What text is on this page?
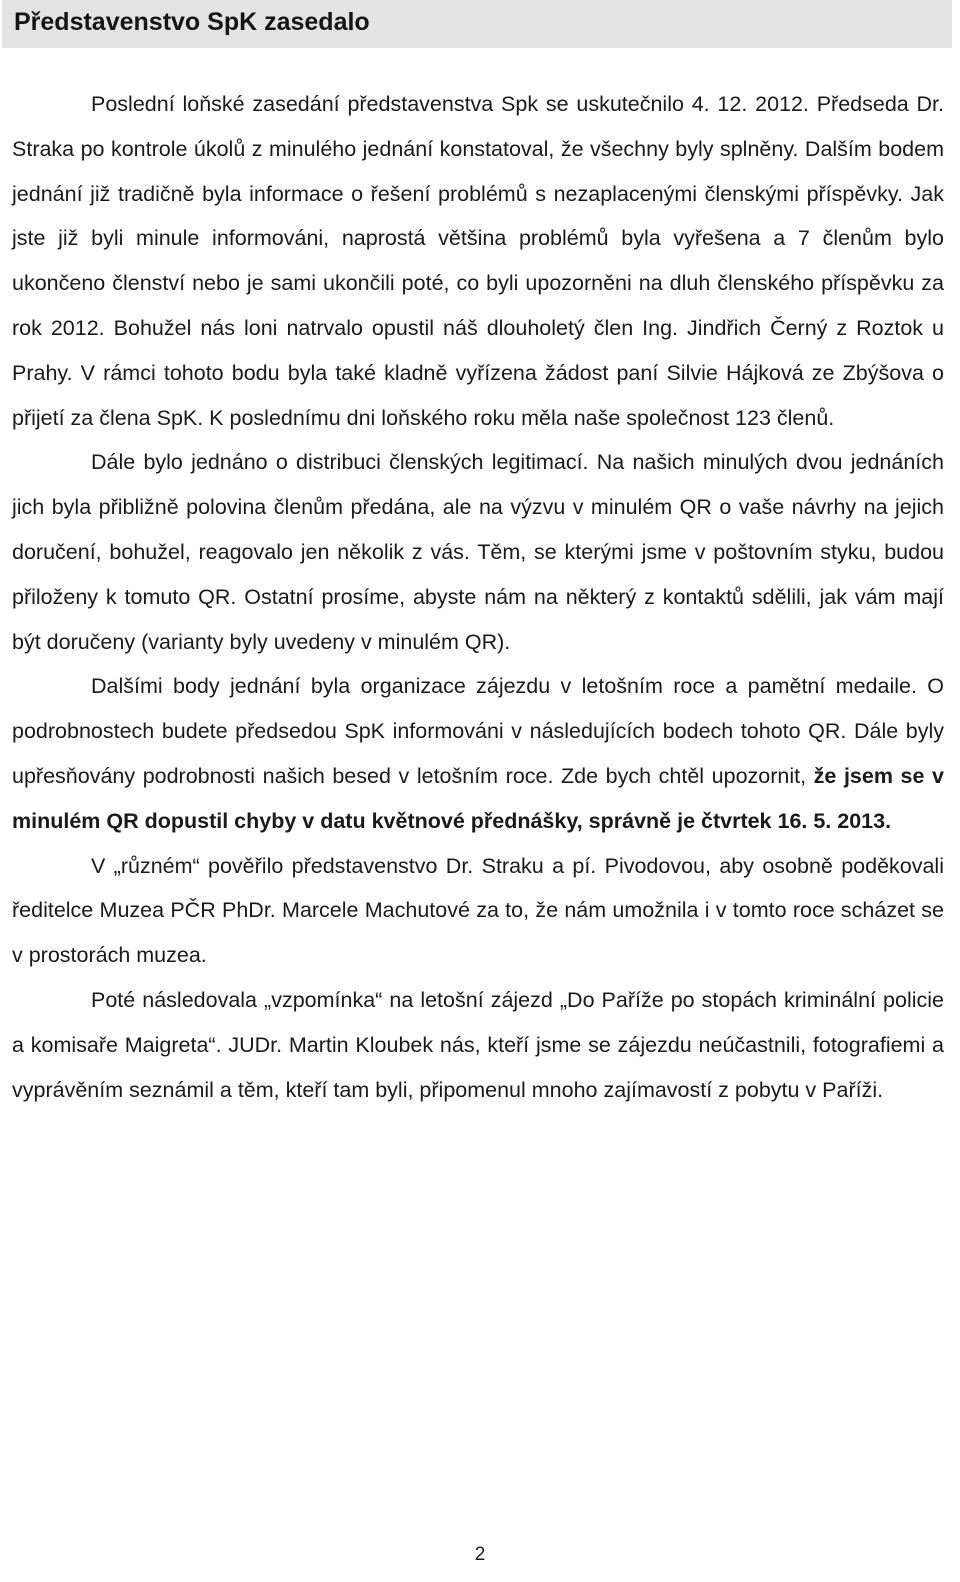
Představenstvo SpK zasedalo

Poslední loňské zasedání představenstva Spk se uskutečnilo 4. 12. 2012. Předseda Dr. Straka po kontrole úkolů z minulého jednání konstatoval, že všechny byly splněny. Dalším bodem jednání již tradičně byla informace o řešení problémů s nezaplacenými členskými příspěvky. Jak jste již byli minule informováni, naprostá většina problémů byla vyřešena a 7 členům bylo ukončeno členství nebo je sami ukončili poté, co byli upozorněni na dluh členského příspěvku za rok 2012. Bohužel nás loni natrvalo opustil náš dlouholetý člen Ing. Jindřich Černý z Roztok u Prahy. V rámci tohoto bodu byla také kladně vyřízena žádost paní Silvie Hájková ze Zbýšova o přijetí za člena SpK. K poslednímu dni loňského roku měla naše společnost 123 členů.

Dále bylo jednáno o distribuci členských legitimací. Na našich minulých dvou jednáních jich byla přibližně polovina členům předána, ale na výzvu v minulém QR o vaše návrhy na jejich doručení, bohužel, reagovalo jen několik z vás. Těm, se kterými jsme v poštovním styku, budou přiloženy k tomuto QR. Ostatní prosíme, abyste nám na některý z kontaktů sdělili, jak vám mají být doručeny (varianty byly uvedeny v minulém QR).

Dalšími body jednání byla organizace zájezdu v letošním roce a pamětní medaile. O podrobnostech budete předsedou SpK informováni v následujících bodech tohoto QR. Dále byly upřesňovány podrobnosti našich besed v letošním roce. Zde bych chtěl upozornit, že jsem se v minulém QR dopustil chyby v datu květnové přednášky, správně je čtvrtek 16. 5. 2013.

V „různém“ pověřilo představenstvo Dr. Straku a pí. Pivodovou, aby osobně poděkovali ředitelce Muzea PČR PhDr. Marcele Machutové za to, že nám umožnila i v tomto roce scházet se v prostorách muzea.

Poté následovala „vzpomínka“ na letošní zájezd „Do Paříže po stopách kriminální policie a komisaře Maigreta“. JUDr. Martin Kloubek nás, kteří jsme se zájezdu neúčastnili, fotografiemi a vyprávěním seznámil a těm, kteří tam byli, připomenul mnoho zajímavostí z pobytu v Paříži.

2
